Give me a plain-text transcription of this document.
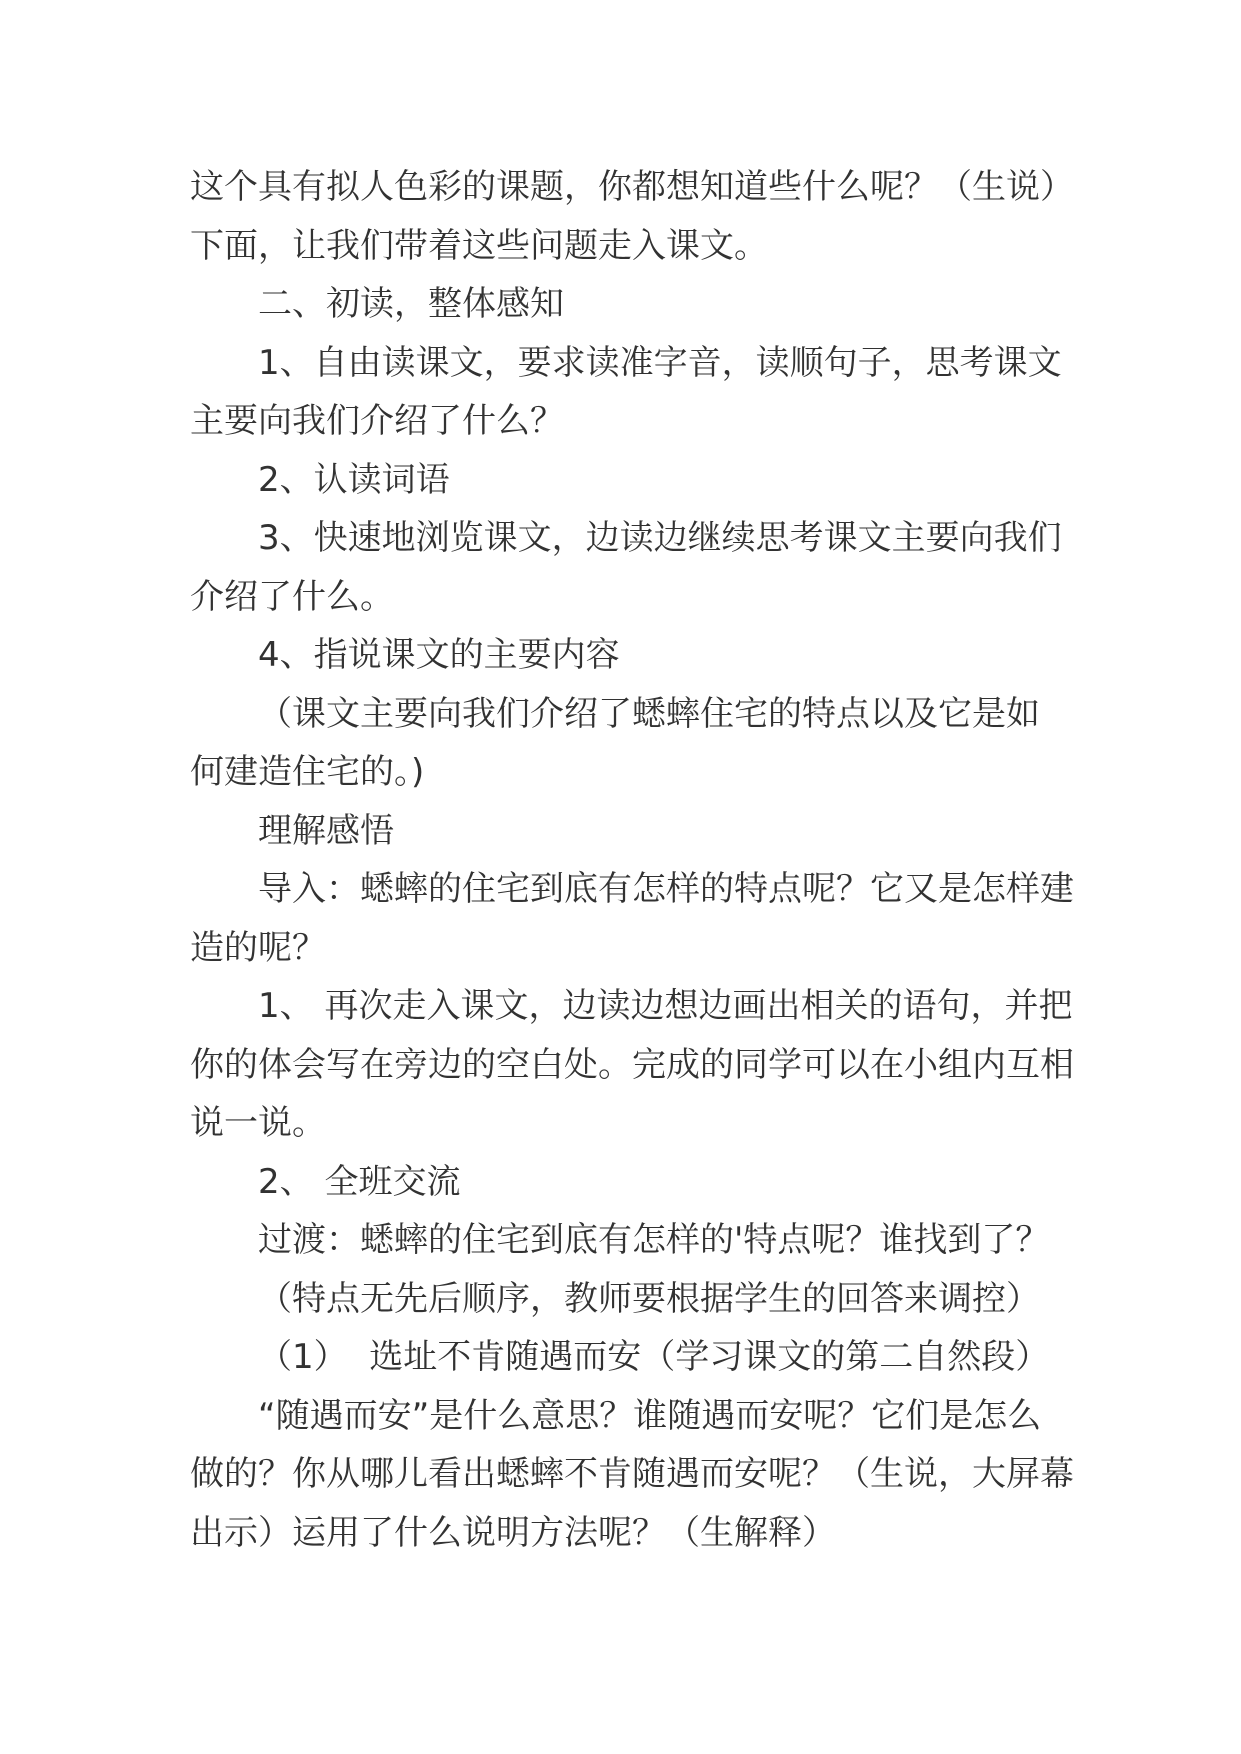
这个具有拟人色彩的课题，你都想知道些什么呢？（生说）
下面，让我们带着这些问题走入课文。
二、初读，整体感知
1、自由读课文，要求读准字音，读顺句子，思考课文
主要向我们介绍了什么？
2、认读词语
3、快速地浏览课文，边读边继续思考课文主要向我们
介绍了什么。
4、指说课文的主要内容
（课文主要向我们介绍了蟋蟀住宅的特点以及它是如
何建造住宅的。)
理解感悟
导入：蟋蟀的住宅到底有怎样的特点呢？它又是怎样建
造的呢？
1、 再次走入课文，边读边想边画出相关的语句，并把
你的体会写在旁边的空白处。完成的同学可以在小组内互相
说一说。
2、 全班交流
过渡：蟋蟀的住宅到底有怎样的'特点呢？谁找到了？
（特点无先后顺序，教师要根据学生的回答来调控）
（1）  选址不肯随遇而安（学习课文的第二自然段）
“随遇而安”是什么意思？谁随遇而安呢？它们是怎么
做的？你从哪儿看出蟋蟀不肯随遇而安呢？（生说，大屏幕
出示）运用了什么说明方法呢？（生解释）
